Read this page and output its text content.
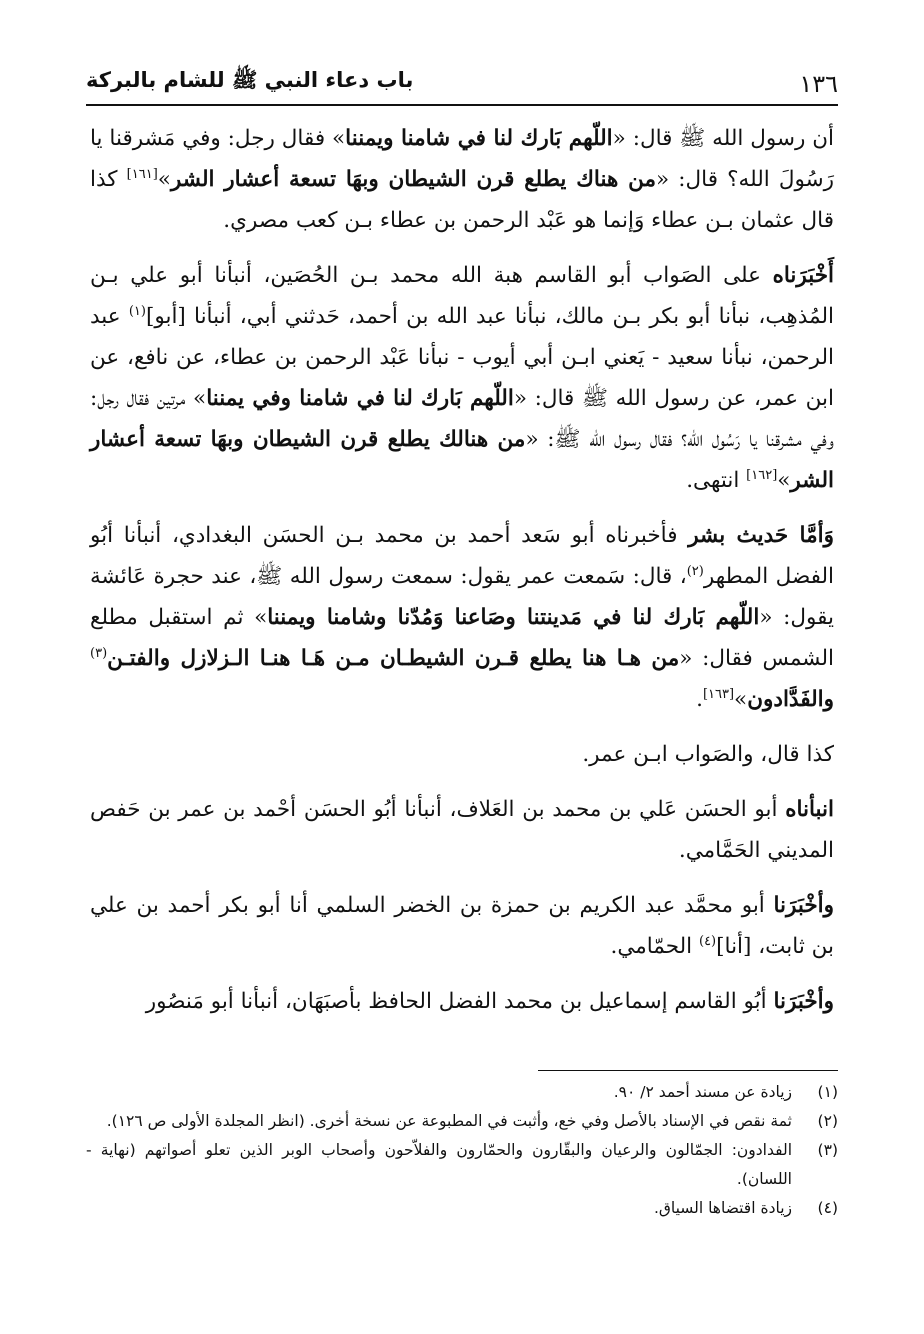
١٣٦
باب دعاء النبي ﷺ للشام بالبركة

أن رسول الله ﷺ قال: «اللّهم بَارك لنا في شامنا ويمننا» فقال رجل: وفي مَشرقنا يا رَسُولَ الله؟ قال: «من هناك يطلع قرن الشيطان وبهَا تسعة أعشار الشر»[١٦١] كذا قال عثمان بـن عطاء وَإنما هو عَبْد الرحمن بن عطاء بـن كعب مصري.

أَخْبَرَناه على الصَواب أبو القاسم هبة الله محمد بـن الحُصَين، أنبأنا أبو علي بـن المُذهِب، نبأنا أبو بكر بـن مالك، نبأنا عبد الله بن أحمد، حَدثني أبي، أنبأنا [أبو]$^{(١)}$ عبد الرحمن، نبأنا سعيد - يَعني ابـن أبي أيوب - نبأنا عَبْد الرحمن بن عطاء، عن نافع، عن ابن عمر، عن رسول الله ﷺ قال: «اللّهم بَارك لنا في شامنا وفي يمننا» مرتين فقال رجل: وفي مشرقنا يا رَسُول الله؟ فقال رسول الله ﷺ: «من هنالك يطلع قرن الشيطان وبهَا تسعة أعشار الشر»[١٦٢] انتهى.

وَأمَّا حَديث بشر فأخبرناه أبو سَعد أحمد بن محمد بـن الحسَن البغدادي، أنبأنا أبُو الفضل المطهر$^{(٢)}$، قال: سَمعت عمر يقول: سمعت رسول الله ﷺ، عند حجرة عَائشة يقول: «اللّهم بَارك لنا في مَدينتنا وصَاعنا وَمُدّنا وشامنا ويمننا» ثم استقبل مطلع الشمس فقال: «من هـا هنا يطلع قـرن الشيطـان مـن هَـا هنـا الـزلازل والفتـن$^{(٣)}$ والفَدَّادون»[١٦٣].

كذا قال، والصَواب ابـن عمر.

انبأناه أبو الحسَن عَلي بن محمد بن العَلاف، أنبأنا أبُو الحسَن أحْمد بن عمر بن حَفص المديني الحَمَّامي.

وأخْبَرَنا أبو محمَّد عبد الكريم بن حمزة بن الخضر السلمي أنا أبو بكر أحمد بن علي بن ثابت، [أنا]$^{(٤)}$ الحمّامي.

وأخْبَرَنا أبُو القاسم إسماعيل بن محمد الفضل الحافظ بأصبَهَان، أنبأنا أبو مَنصُور

(١)
زيادة عن مسند أحمد ٢/ ٩٠.
(٢)
ثمة نقص في الإسناد بالأصل وفي خع، وأثبت في المطبوعة عن نسخة أخرى. (انظر المجلدة الأولى ص ١٢٦).
(٣)
الفدادون: الجمّالون والرعيان والبقّارون والحمّارون والفلاّحون وأصحاب الوبر الذين تعلو أصواتهم (نهاية - اللسان).
(٤)
زيادة اقتضاها السياق.
